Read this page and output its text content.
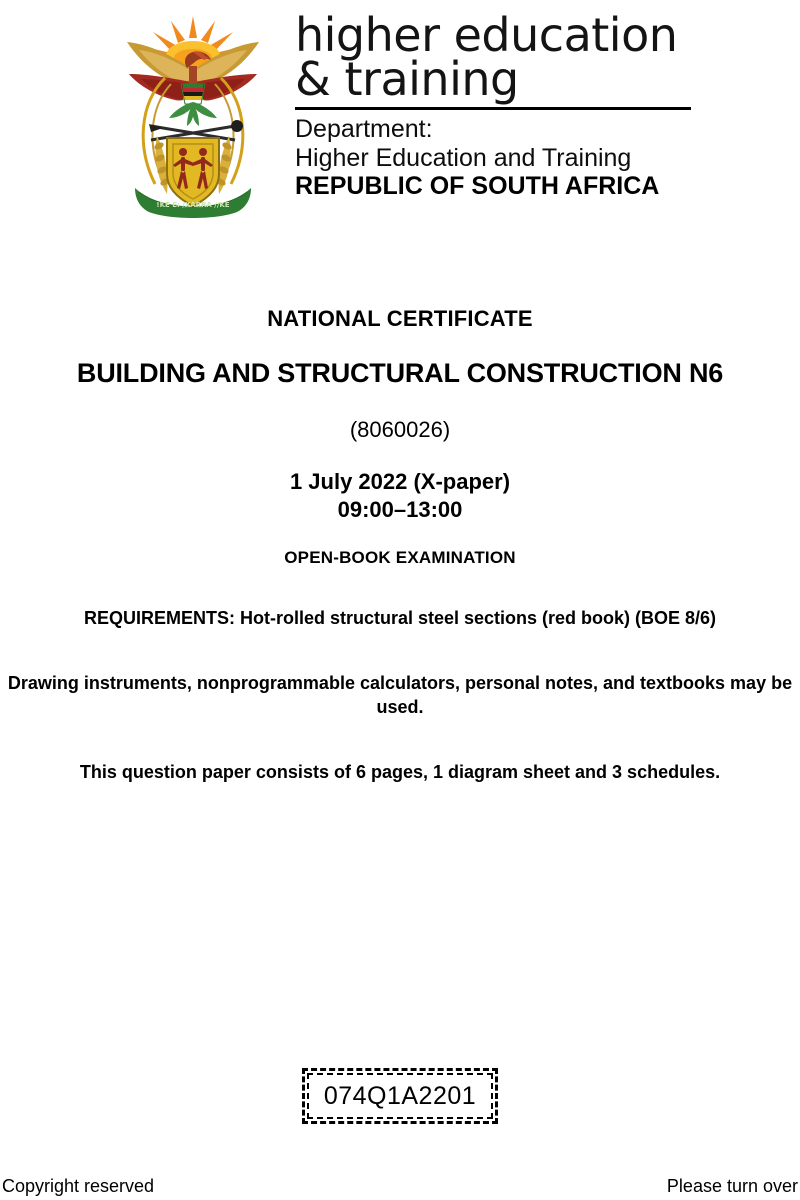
!KE E: /XARRA //KE
higher education
& training
Department:
Higher Education and Training
REPUBLIC OF SOUTH AFRICA
NATIONAL CERTIFICATE
BUILDING AND STRUCTURAL CONSTRUCTION N6
(8060026)
1 July 2022 (X-paper)
09:00–13:00
OPEN-BOOK EXAMINATION
REQUIREMENTS: Hot-rolled structural steel sections (red book) (BOE 8/6)
Drawing instruments, nonprogrammable calculators, personal notes, and textbooks may be used.
This question paper consists of 6 pages, 1 diagram sheet and 3 schedules.
074Q1A2201
Copyright reserved	Please turn over
